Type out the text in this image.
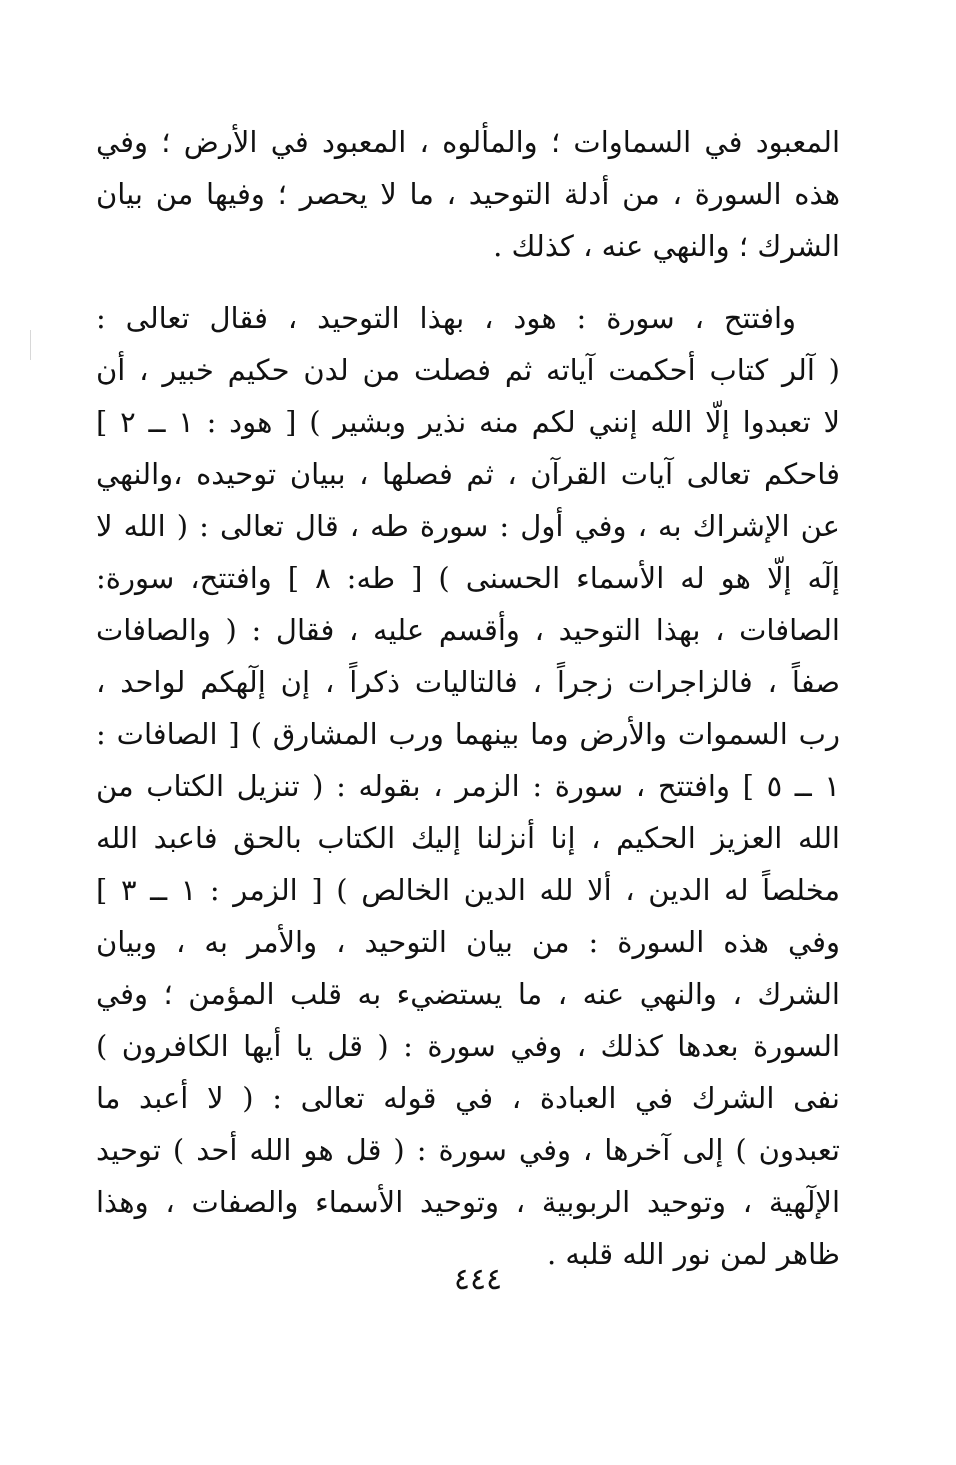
المعبود في السماوات ؛ والمألوه ، المعبود في الأرض ؛ وفي
هذه السورة ، من أدلة التوحيد ، ما لا يحصر ؛ وفيها من بيان
الشرك ؛ والنهي عنه ، كذلك .
وافتتح ، سورة : هود ، بهذا التوحيد ، فقال تعالى :
( آلر كتاب أحكمت آياته ثم فصلت من لدن حكيم خبير ، أن
لا تعبدوا إلّا الله إنني لكم منه نذير وبشير ) [ هود : ١ ــ ٢ ]
فاحكم تعالى آيات القرآن ، ثم فصلها ، ببيان توحيده ،والنهي
عن الإشراك به ، وفي أول : سورة طه ، قال تعالى : ( الله لا
إلٓه إلّا هو له الأسماء الحسنى ) [ طه: ٨ ] وافتتح، سورة:
الصافات ، بهذا التوحيد ، وأقسم عليه ، فقال : ( والصافات
صفاً ، فالزاجرات زجراً ، فالتاليات ذكراً ، إن إلٓهكم لواحد ،
رب السموات والأرض وما بينهما ورب المشارق ) [ الصافات :
١ ــ ٥ ] وافتتح ، سورة : الزمر ، بقوله : ( تنزيل الكتاب من
الله العزيز الحكيم ، إنا أنزلنا إليك الكتاب بالحق فاعبد الله
مخلصاً له الدين ، ألا لله الدين الخالص ) [ الزمر : ١ ــ ٣ ]
وفي هذه السورة : من بيان التوحيد ، والأمر به ، وبيان
الشرك ، والنهي عنه ، ما يستضيء به قلب المؤمن ؛ وفي
السورة بعدها كذلك ، وفي سورة : ( قل يا أيها الكافرون )
نفى الشرك في العبادة ، في قوله تعالى : ( لا أعبد ما
تعبدون ) إلى آخرها ، وفي سورة : ( قل هو الله أحد ) توحيد
الإلٓهية ، وتوحيد الربوبية ، وتوحيد الأسماء والصفات ، وهذا
ظاهر لمن نور الله قلبه .
٤٤٤
